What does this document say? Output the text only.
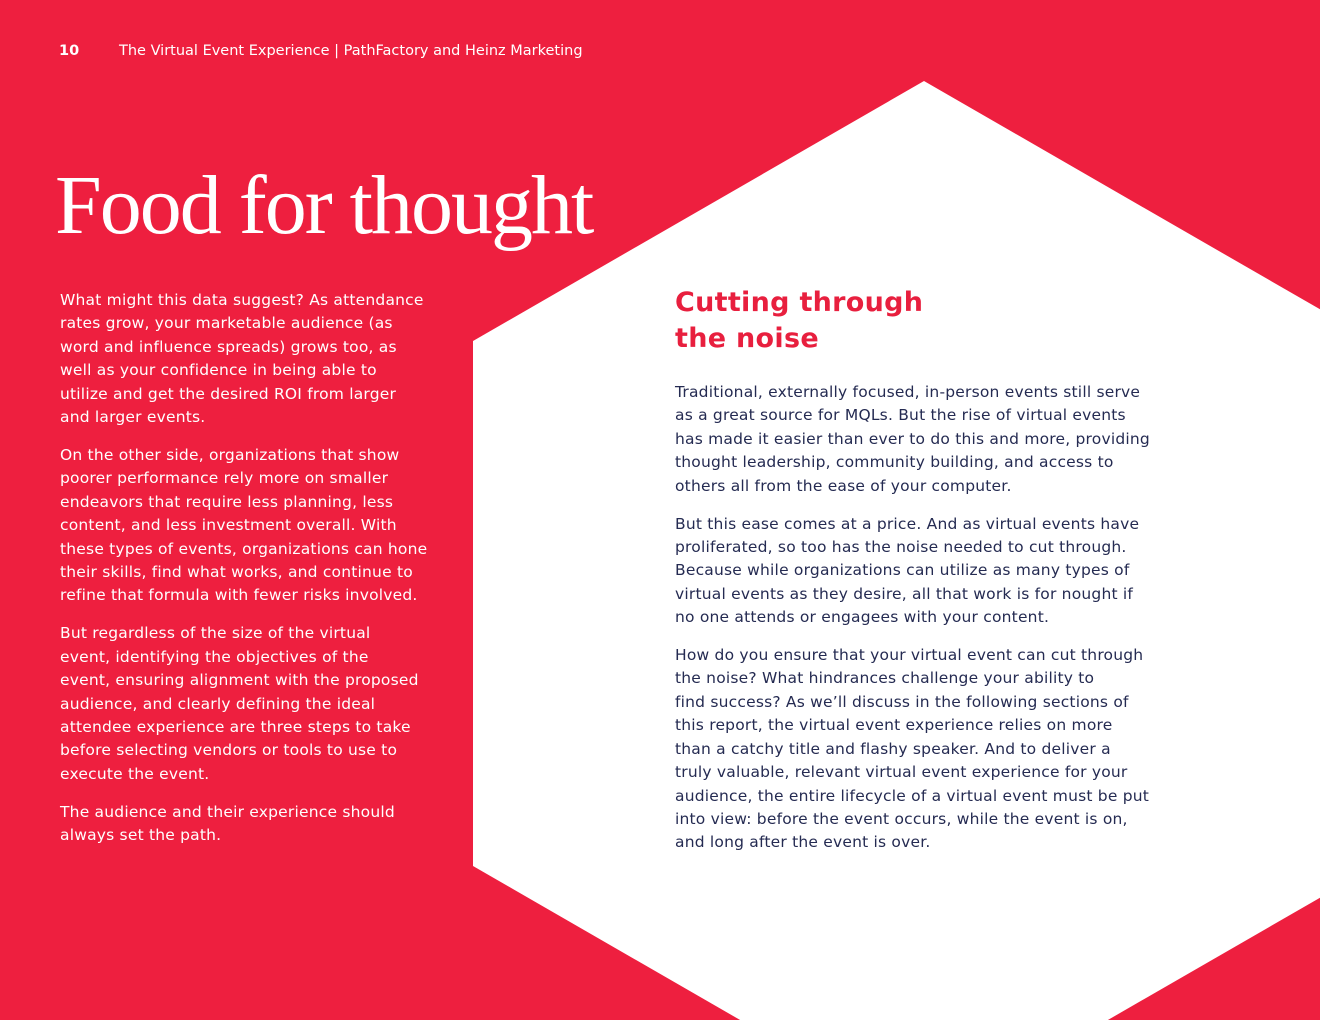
10	The Virtual Event Experience | PathFactory and Heinz Marketing
Food for thought

What might this data suggest? As attendance
rates grow, your marketable audience (as
word and influence spreads) grows too, as
well as your confidence in being able to
utilize and get the desired ROI from larger
and larger events.

On the other side, organizations that show
poorer performance rely more on smaller
endeavors that require less planning, less
content, and less investment overall. With
these types of events, organizations can hone
their skills, find what works, and continue to
refine that formula with fewer risks involved.

But regardless of the size of the virtual
event, identifying the objectives of the
event, ensuring alignment with the proposed
audience, and clearly defining the ideal
attendee experience are three steps to take
before selecting vendors or tools to use to
execute the event.

The audience and their experience should
always set the path.

Cutting through
the noise

Traditional, externally focused, in-person events still serve
as a great source for MQLs. But the rise of virtual events
has made it easier than ever to do this and more, providing
thought leadership, community building, and access to
others all from the ease of your computer.

But this ease comes at a price. And as virtual events have
proliferated, so too has the noise needed to cut through.
Because while organizations can utilize as many types of
virtual events as they desire, all that work is for nought if
no one attends or engagees with your content.

How do you ensure that your virtual event can cut through
the noise? What hindrances challenge your ability to
find success? As we’ll discuss in the following sections of
this report, the virtual event experience relies on more
than a catchy title and flashy speaker. And to deliver a
truly valuable, relevant virtual event experience for your
audience, the entire lifecycle of a virtual event must be put
into view: before the event occurs, while the event is on,
and long after the event is over.
